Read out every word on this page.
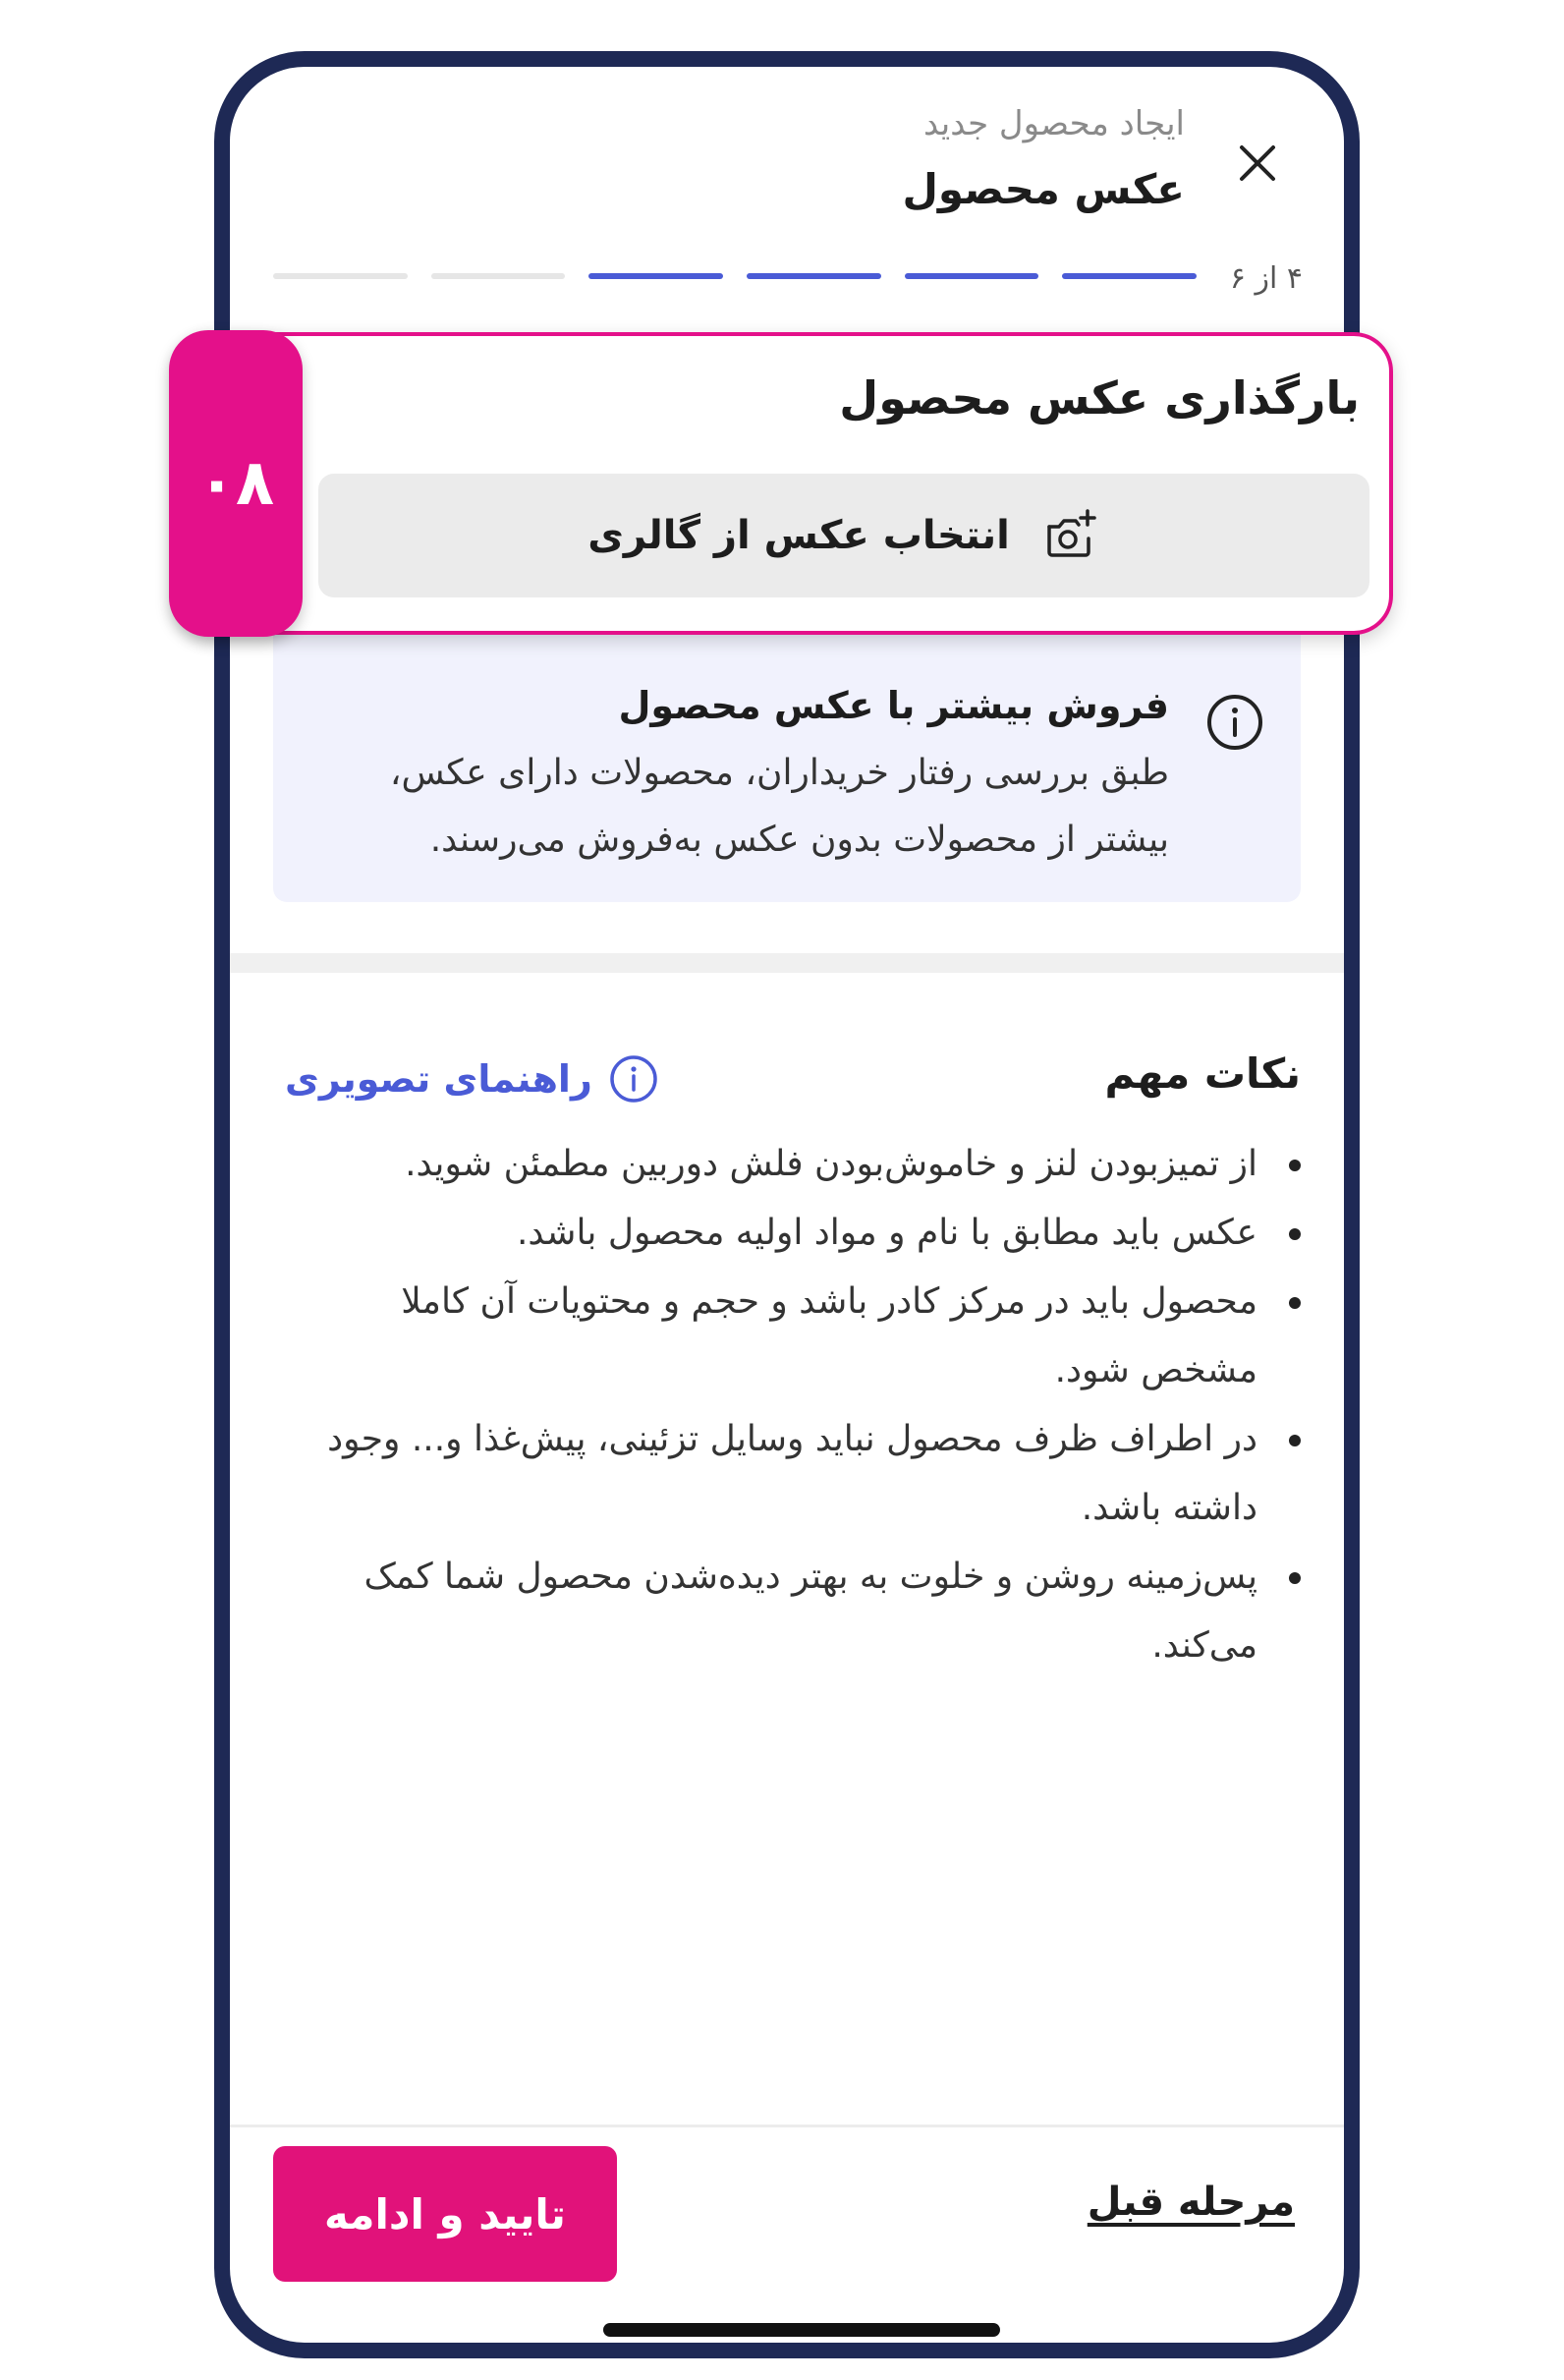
ایجاد محصول جدید
عکس محصول
۴ از ۶
فروش بیشتر با عکس محصول
طبق بررسی رفتار خریداران، محصولات دارای عکس،
بیشتر از محصولات بدون عکس به‌فروش می‌رسند.
نکات مهم
راهنمای تصویری
از تمیزبودن لنز و خاموش‌بودن فلش دوربین مطمئن شوید.
عکس باید مطابق با نام و مواد اولیه محصول باشد.
محصول باید در مرکز کادر باشد و حجم و محتویات آن کاملا مشخص شود.
در اطراف ظرف محصول نباید وسایل تزئینی، پیش‌غذا و... وجود داشته باشد.
پس‌زمینه روشن و خلوت به بهتر دیده‌شدن محصول شما کمک می‌کند.
تایید و ادامه	مرحله قبل
بارگذاری عکس محصول
انتخاب عکس از گالری
۰۸
